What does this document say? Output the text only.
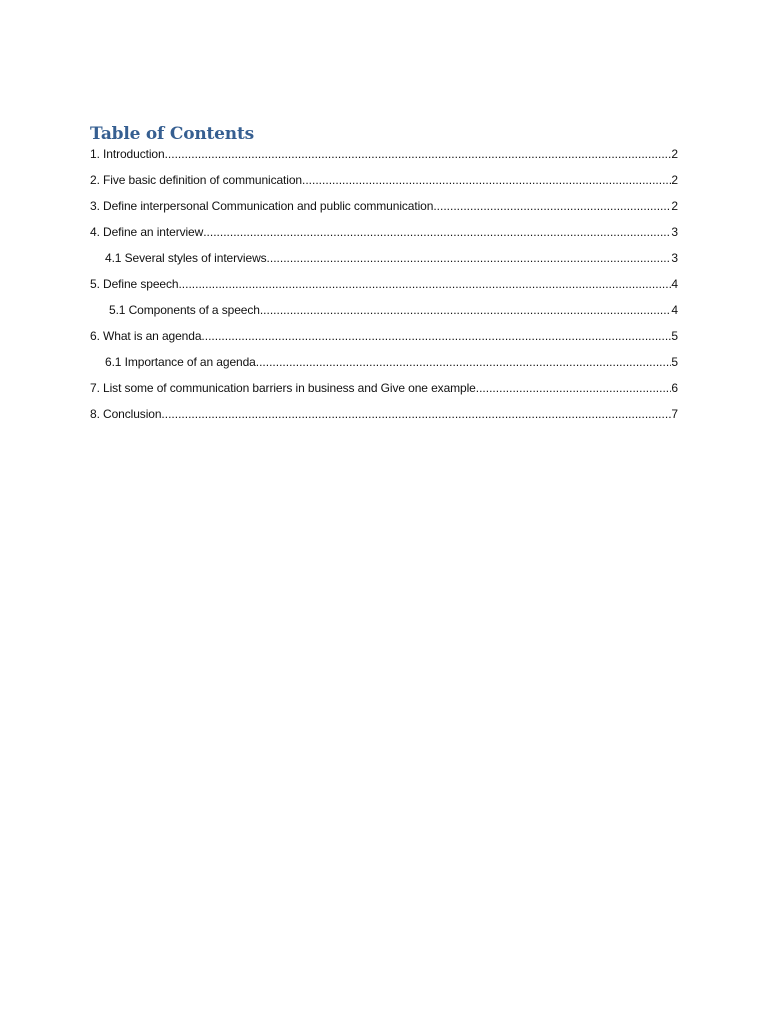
Table of Contents
1. Introduction .....	2
2. Five basic definition of communication .....	2
3. Define interpersonal Communication and public communication .....	2
4. Define an interview .....	3
4.1 Several styles of interviews .....	3
5. Define speech .....	4
5.1 Components of a speech .....	4
6. What is an agenda .....	5
6.1 Importance of an agenda .....	5
7. List some of communication barriers in business and Give one example .....	6
8. Conclusion .....	7
